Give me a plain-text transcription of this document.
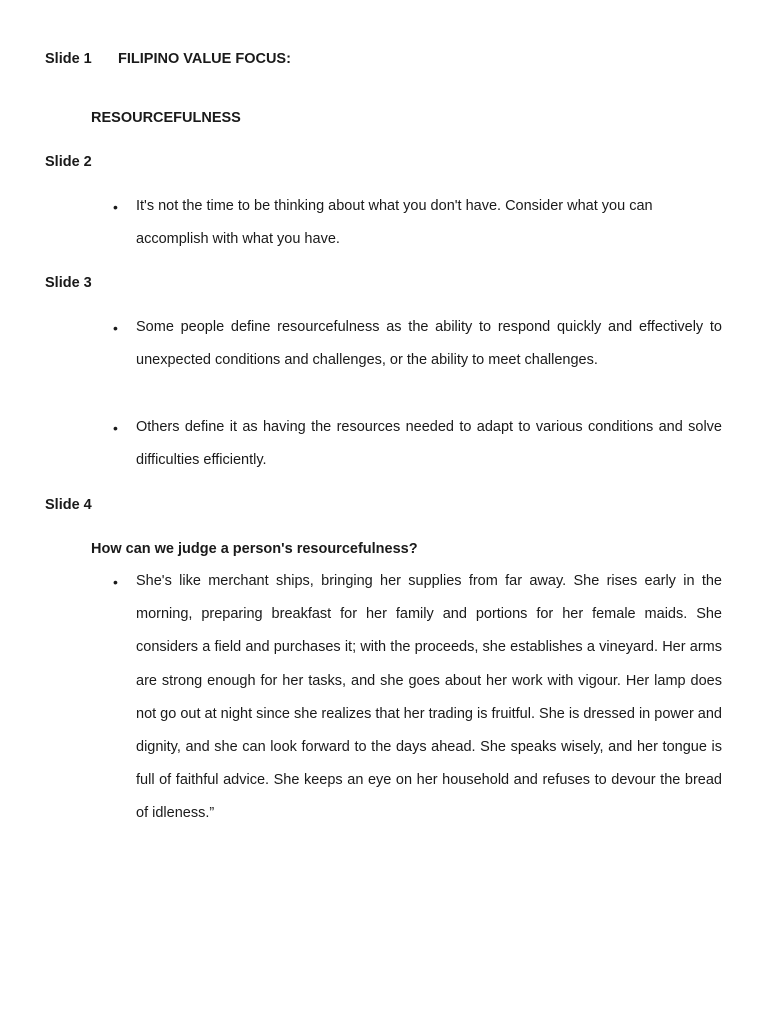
Slide 1 FILIPINO VALUE FOCUS:
RESOURCEFULNESS
Slide 2
• It's not the time to be thinking about what you don't have. Consider what you can accomplish with what you have.
Slide 3
• Some people define resourcefulness as the ability to respond quickly and effectively to unexpected conditions and challenges, or the ability to meet challenges.
• Others define it as having the resources needed to adapt to various conditions and solve difficulties efficiently.
Slide 4
How can we judge a person's resourcefulness?
• She's like merchant ships, bringing her supplies from far away. She rises early in the morning, preparing breakfast for her family and portions for her female maids. She considers a field and purchases it; with the proceeds, she establishes a vineyard. Her arms are strong enough for her tasks, and she goes about her work with vigour. Her lamp does not go out at night since she realizes that her trading is fruitful. She is dressed in power and dignity, and she can look forward to the days ahead. She speaks wisely, and her tongue is full of faithful advice. She keeps an eye on her household and refuses to devour the bread of idleness.”
